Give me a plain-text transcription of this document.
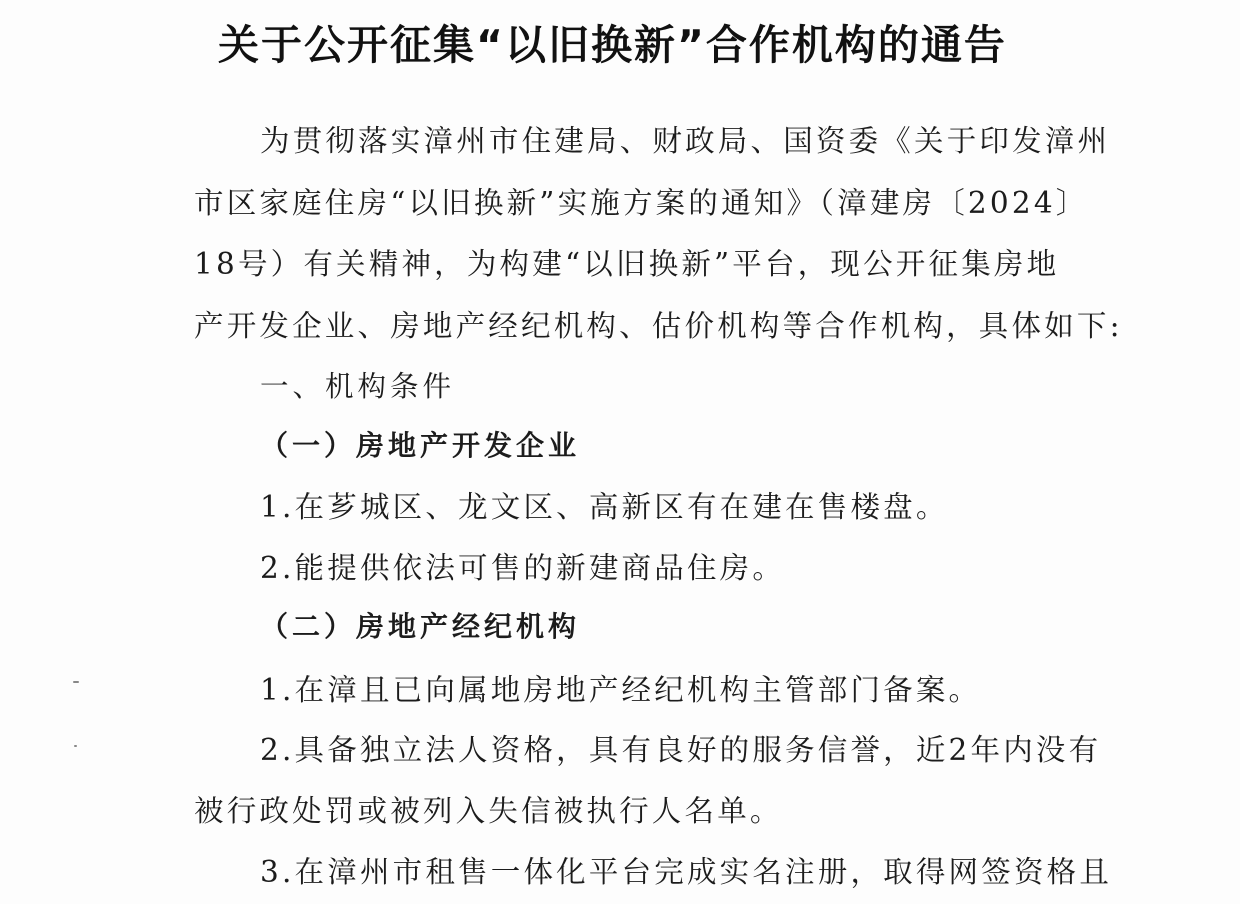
关于公开征集“以旧换新”合作机构的通告
为贯彻落实漳州市住建局、财政局、国资委《关于印发漳州
市区家庭住房“以旧换新”实施方案的通知》（漳建房〔2024〕
18号）有关精神，为构建“以旧换新”平台，现公开征集房地
产开发企业、房地产经纪机构、估价机构等合作机构，具体如下:
一、机构条件
（一）房地产开发企业
1.在芗城区、龙文区、高新区有在建在售楼盘。
2.能提供依法可售的新建商品住房。
（二）房地产经纪机构
1.在漳且已向属地房地产经纪机构主管部门备案。
2.具备独立法人资格，具有良好的服务信誉，近2年内没有
被行政处罚或被列入失信被执行人名单。
3.在漳州市租售一体化平台完成实名注册，取得网签资格且
